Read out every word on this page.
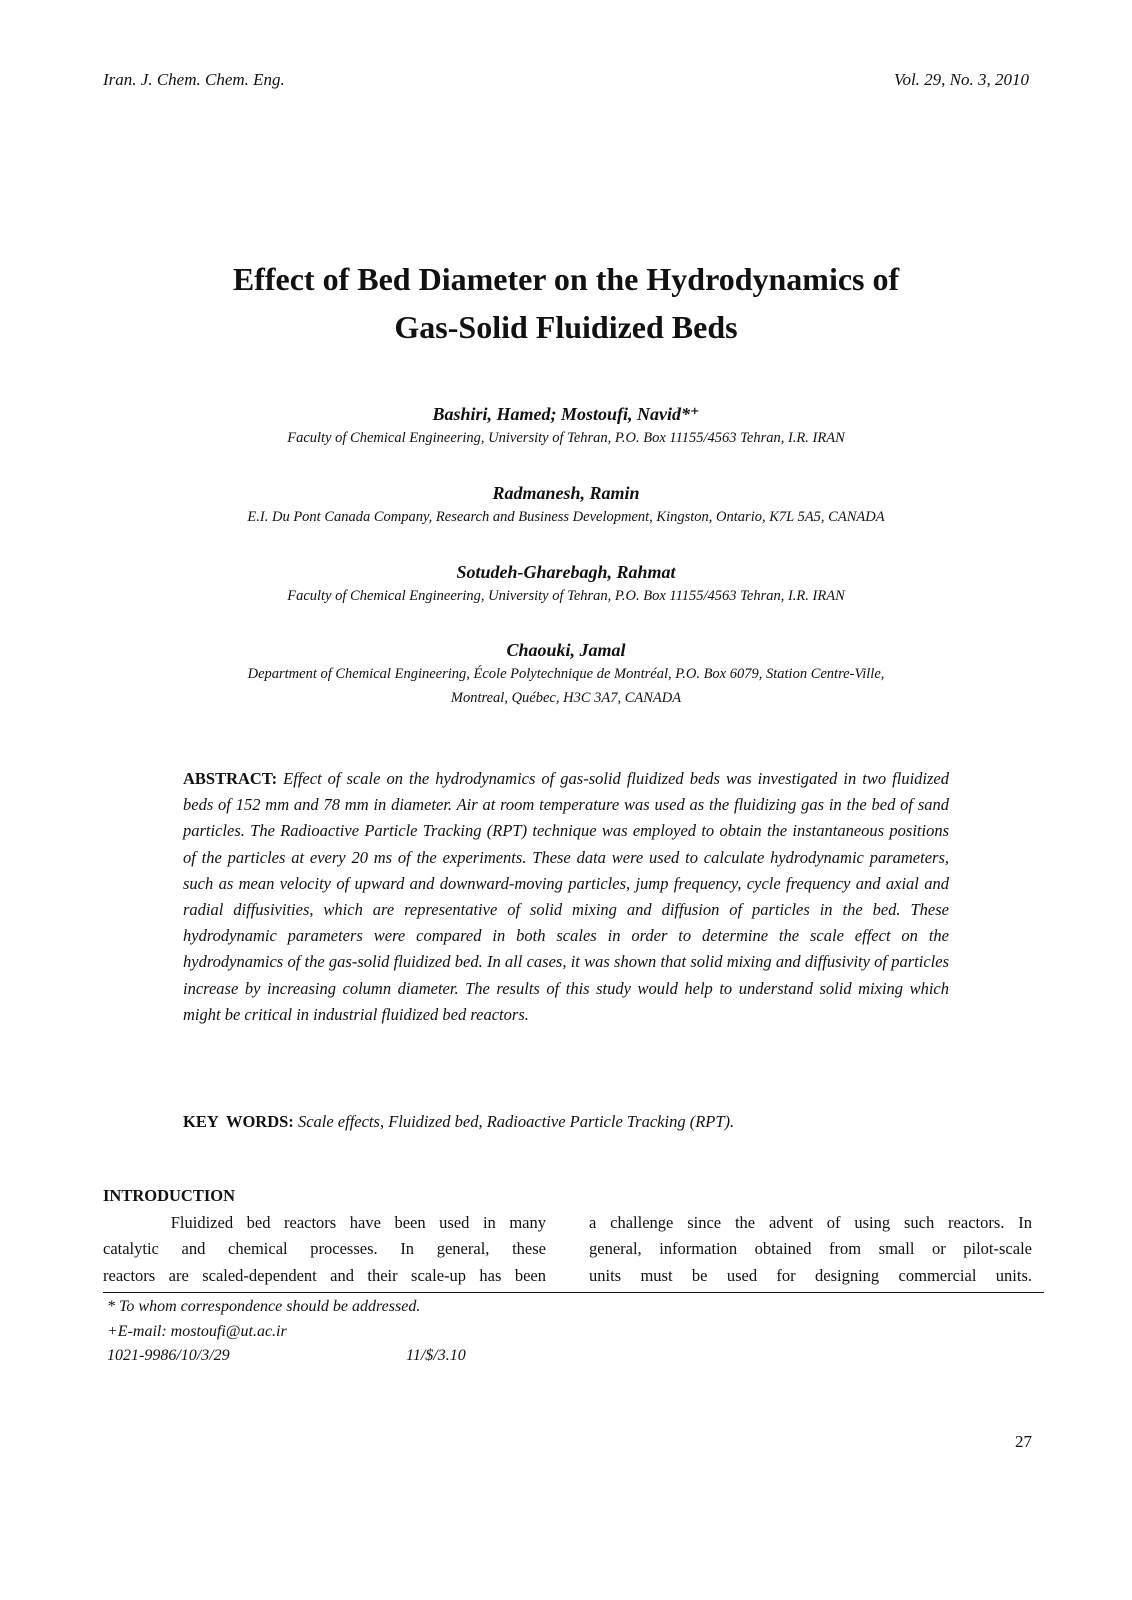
Iran. J. Chem. Chem. Eng.	Vol. 29, No. 3, 2010
Effect of Bed Diameter on the Hydrodynamics of
Gas-Solid Fluidized Beds
Bashiri, Hamed; Mostoufi, Navid*⁺
Faculty of Chemical Engineering, University of Tehran, P.O. Box 11155/4563 Tehran, I.R. IRAN
Radmanesh, Ramin
E.I. Du Pont Canada Company, Research and Business Development, Kingston, Ontario, K7L 5A5, CANADA
Sotudeh-Gharebagh, Rahmat
Faculty of Chemical Engineering, University of Tehran, P.O. Box 11155/4563 Tehran, I.R. IRAN
Chaouki, Jamal
Department of Chemical Engineering, École Polytechnique de Montréal, P.O. Box 6079, Station Centre-Ville,
Montreal, Québec, H3C 3A7, CANADA

ABSTRACT: Effect of scale on the hydrodynamics of gas-solid fluidized beds was investigated in two fluidized beds of 152 mm and 78 mm in diameter. Air at room temperature was used as the fluidizing gas in the bed of sand particles. The Radioactive Particle Tracking (RPT) technique was employed to obtain the instantaneous positions of the particles at every 20 ms of the experiments. These data were used to calculate hydrodynamic parameters, such as mean velocity of upward and downward-moving particles, jump frequency, cycle frequency and axial and radial diffusivities, which are representative of solid mixing and diffusion of particles in the bed. These hydrodynamic parameters were compared in both scales in order to determine the scale effect on the hydrodynamics of the gas-solid fluidized bed. In all cases, it was shown that solid mixing and diffusivity of particles increase by increasing column diameter. The results of this study would help to understand solid mixing which might be critical in industrial fluidized bed reactors.

KEY WORDS: Scale effects, Fluidized bed, Radioactive Particle Tracking (RPT).
INTRODUCTION
Fluidized bed reactors have been used in many
catalytic and chemical processes. In general, these
reactors are scaled-dependent and their scale-up has been
a challenge since the advent of using such reactors. In
general, information obtained from small or pilot-scale
units must be used for designing commercial units.
* To whom correspondence should be addressed.
+E-mail: mostoufi@ut.ac.ir
1021-9986/10/3/29	11/$/3.10
27
